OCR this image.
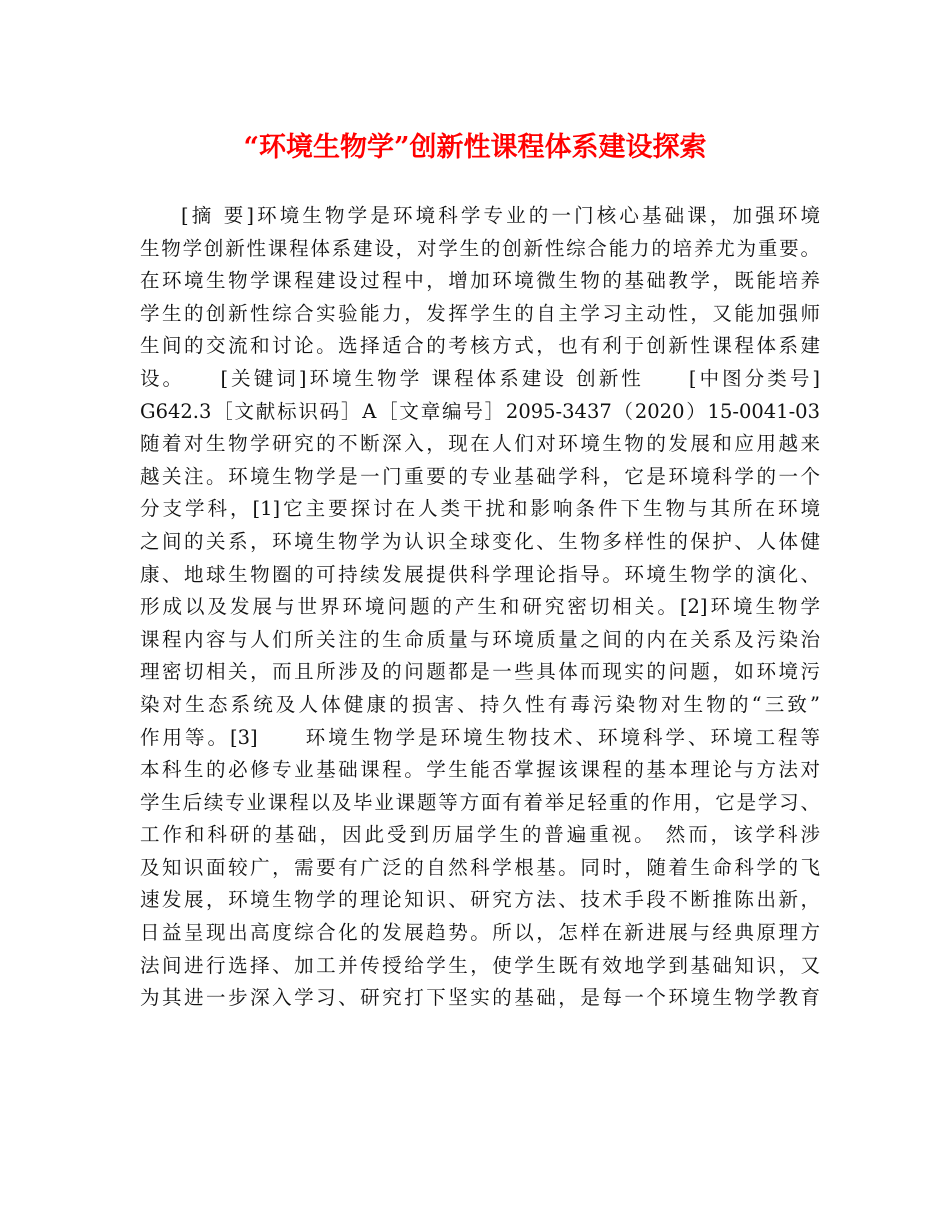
“环境生物学”创新性课程体系建设探索
[摘 要]环境生物学是环境科学专业的一门核心基础课，加强环境
生物学创新性课程体系建设，对学生的创新性综合能力的培养尤为重要。
在环境生物学课程建设过程中，增加环境微生物的基础教学，既能培养
学生的创新性综合实验能力，发挥学生的自主学习主动性，又能加强师
生间的交流和讨论。选择适合的考核方式，也有利于创新性课程体系建
设。　　[关键词]环境生物学 课程体系建设 创新性　　[中图分类号]
G642.3［文献标识码］A［文章编号］2095-3437（2020）15-0041-03
随着对生物学研究的不断深入，现在人们对环境生物的发展和应用越来
越关注。环境生物学是一门重要的专业基础学科，它是环境科学的一个
分支学科，[1]它主要探讨在人类干扰和影响条件下生物与其所在环境
之间的关系，环境生物学为认识全球变化、生物多样性的保护、人体健
康、地球生物圈的可持续发展提供科学理论指导。环境生物学的演化、
形成以及发展与世界环境问题的产生和研究密切相关。[2]环境生物学
课程内容与人们所关注的生命质量与环境质量之间的内在关系及污染治
理密切相关，而且所涉及的问题都是一些具体而现实的问题，如环境污
染对生态系统及人体健康的损害、持久性有毒污染物对生物的“三致”
作用等。[3]　　环境生物学是环境生物技术、环境科学、环境工程等
本科生的必修专业基础课程。学生能否掌握该课程的基本理论与方法对
学生后续专业课程以及毕业课题等方面有着举足轻重的作用，它是学习、
工作和科研的基础，因此受到历届学生的普遍重视。 然而，该学科涉
及知识面较广，需要有广泛的自然科学根基。同时，随着生命科学的飞
速发展，环境生物学的理论知识、研究方法、技术手段不断推陈出新，
日益呈现出高度综合化的发展趋势。所以，怎样在新进展与经典原理方
法间进行选择、加工并传授给学生，使学生既有效地学到基础知识，又
为其进一步深入学习、研究打下坚实的基础，是每一个环境生物学教育
